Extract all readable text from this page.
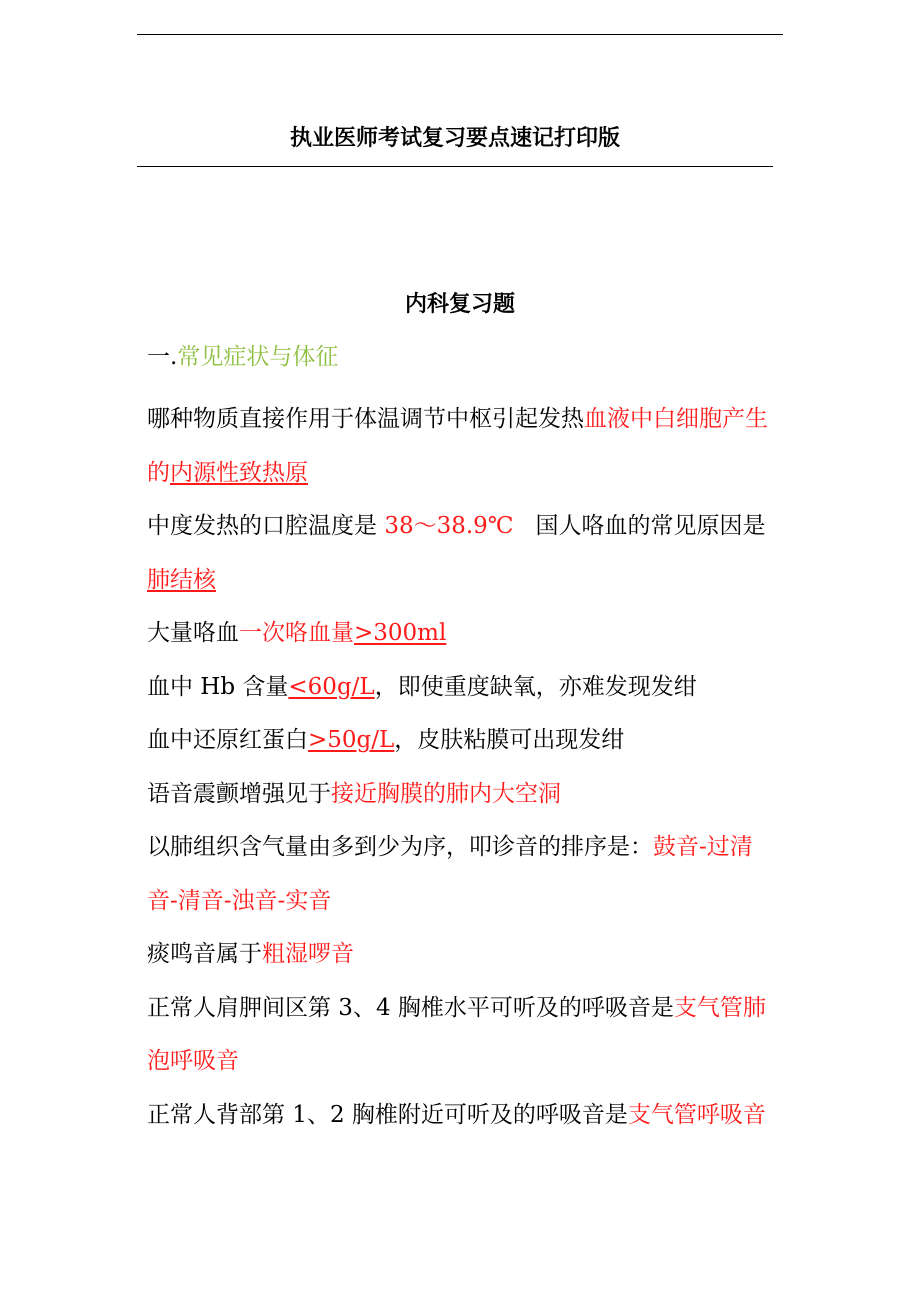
执业医师考试复习要点速记打印版
内科复习题
一.常见症状与体征

哪种物质直接作用于体温调节中枢引起发热血液中白细胞产生的内源性致热原

中度发热的口腔温度是 38～38.9℃ 国人咯血的常见原因是肺结核

大量咯血一次咯血量>300ml

血中 Hb 含量<60g/L，即使重度缺氧，亦难发现发绀

血中还原红蛋白>50g/L，皮肤粘膜可出现发绀

语音震颤增强见于接近胸膜的肺内大空洞

以肺组织含气量由多到少为序，叩诊音的排序是：鼓音-过清音-清音-浊音-实音

痰鸣音属于粗湿啰音

正常人肩胛间区第 3、4 胸椎水平可听及的呼吸音是支气管肺泡呼吸音

正常人背部第 1、2 胸椎附近可听及的呼吸音是支气管呼吸音
